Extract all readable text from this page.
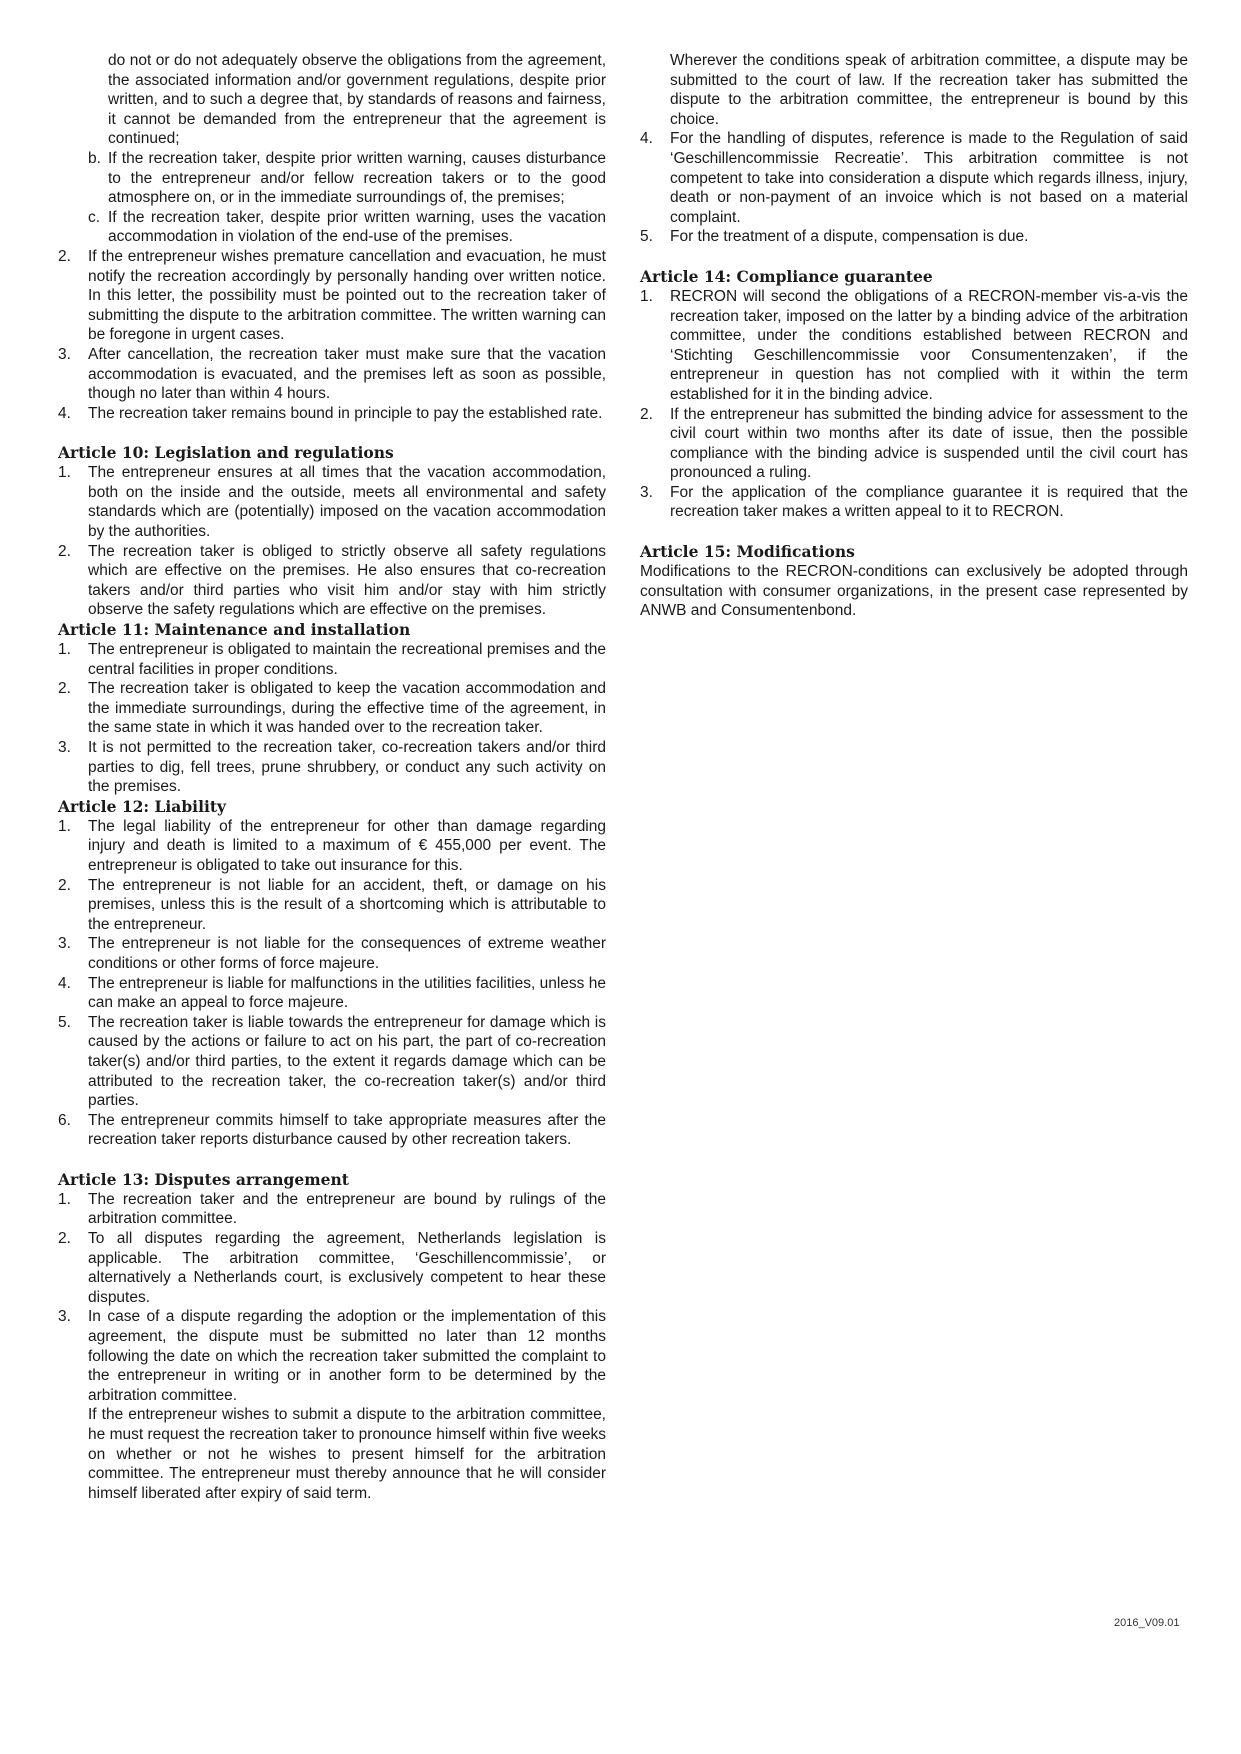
do not or do not adequately observe the obligations from the agreement, the associated information and/or government regulations, despite prior written, and to such a degree that, by standards of reasons and fairness, it cannot be demanded from the entrepreneur that the agreement is continued;

b. If the recreation taker, despite prior written warning, causes disturbance to the entrepreneur and/or fellow recreation takers or to the good atmosphere on, or in the immediate surroundings of, the premises;
c. If the recreation taker, despite prior written warning, uses the vacation accommodation in violation of the end-use of the premises.
2. If the entrepreneur wishes premature cancellation and evacuation, he must notify the recreation accordingly by personally handing over written notice. In this letter, the possibility must be pointed out to the recreation taker of submitting the dispute to the arbitration committee. The written warning can be foregone in urgent cases.
3. After cancellation, the recreation taker must make sure that the vacation accommodation is evacuated, and the premises left as soon as possible, though no later than within 4 hours.
4. The recreation taker remains bound in principle to pay the established rate.
Article 10: Legislation and regulations
1. The entrepreneur ensures at all times that the vacation accommodation, both on the inside and the outside, meets all environmental and safety standards which are (potentially) imposed on the vacation accommodation by the authorities.
2. The recreation taker is obliged to strictly observe all safety regulations which are effective on the premises. He also ensures that co-recreation takers and/or third parties who visit him and/or stay with him strictly observe the safety regulations which are effective on the premises.
Article 11: Maintenance and installation
1. The entrepreneur is obligated to maintain the recreational premises and the central facilities in proper conditions.
2. The recreation taker is obligated to keep the vacation accommodation and the immediate surroundings, during the effective time of the agreement, in the same state in which it was handed over to the recreation taker.
3. It is not permitted to the recreation taker, co-recreation takers and/or third parties to dig, fell trees, prune shrubbery, or conduct any such activity on the premises.
Article 12: Liability
1. The legal liability of the entrepreneur for other than damage regarding injury and death is limited to a maximum of € 455,000 per event. The entrepreneur is obligated to take out insurance for this.
2. The entrepreneur is not liable for an accident, theft, or damage on his premises, unless this is the result of a shortcoming which is attributable to the entrepreneur.
3. The entrepreneur is not liable for the consequences of extreme weather conditions or other forms of force majeure.
4. The entrepreneur is liable for malfunctions in the utilities facilities, unless he can make an appeal to force majeure.
5. The recreation taker is liable towards the entrepreneur for damage which is caused by the actions or failure to act on his part, the part of co-recreation taker(s) and/or third parties, to the extent it regards damage which can be attributed to the recreation taker, the co-recreation taker(s) and/or third parties.
6. The entrepreneur commits himself to take appropriate measures after the recreation taker reports disturbance caused by other recreation takers.
Article 13: Disputes arrangement
1. The recreation taker and the entrepreneur are bound by rulings of the arbitration committee.
2. To all disputes regarding the agreement, Netherlands legislation is applicable. The arbitration committee, ‘Geschillencommissie’, or alternatively a Netherlands court, is exclusively competent to hear these disputes.
3. In case of a dispute regarding the adoption or the implementation of this agreement, the dispute must be submitted no later than 12 months following the date on which the recreation taker submitted the complaint to the entrepreneur in writing or in another form to be determined by the arbitration committee.

If the entrepreneur wishes to submit a dispute to the arbitration committee, he must request the recreation taker to pronounce himself within five weeks on whether or not he wishes to present himself for the arbitration committee. The entrepreneur must thereby announce that he will consider himself liberated after expiry of said term.

Wherever the conditions speak of arbitration committee, a dispute may be submitted to the court of law. If the recreation taker has submitted the dispute to the arbitration committee, the entrepreneur is bound by this choice.

4. For the handling of disputes, reference is made to the Regulation of said ‘Geschillencommissie Recreatie’. This arbitration committee is not competent to take into consideration a dispute which regards illness, injury, death or non-payment of an invoice which is not based on a material complaint.
5. For the treatment of a dispute, compensation is due.
Article 14: Compliance guarantee
1. RECRON will second the obligations of a RECRON-member vis-a-vis the recreation taker, imposed on the latter by a binding advice of the arbitration committee, under the conditions established between RECRON and ‘Stichting Geschillencommissie voor Consumentenzaken’, if the entrepreneur in question has not complied with it within the term established for it in the binding advice.
2. If the entrepreneur has submitted the binding advice for assessment to the civil court within two months after its date of issue, then the possible compliance with the binding advice is suspended until the civil court has pronounced a ruling.
3. For the application of the compliance guarantee it is required that the recreation taker makes a written appeal to it to RECRON.
Article 15: Modifications

Modifications to the RECRON-conditions can exclusively be adopted through consultation with consumer organizations, in the present case represented by ANWB and Consumentenbond.

2016_V09.01
